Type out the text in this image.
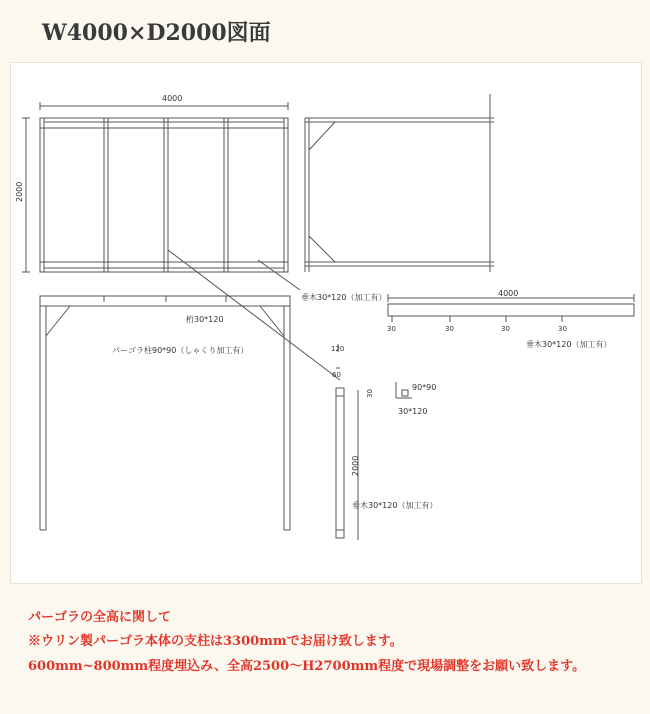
W4000×D2000図面
4000
2000
垂木30*120（加工有）	4000
30	30	30	30
垂木30*120（加工有）
桁30*120
パーゴラ柱90*90（しゃくり加工有）	120
60
30
90*90
30*120
2000
垂木30*120（加工有）
パーゴラの全高に関して
※ウリン製パーゴラ本体の支柱は3300mmでお届け致します。
600mm~800mm程度埋込み、全高2500～H2700mm程度で現場調整をお願い致します。
